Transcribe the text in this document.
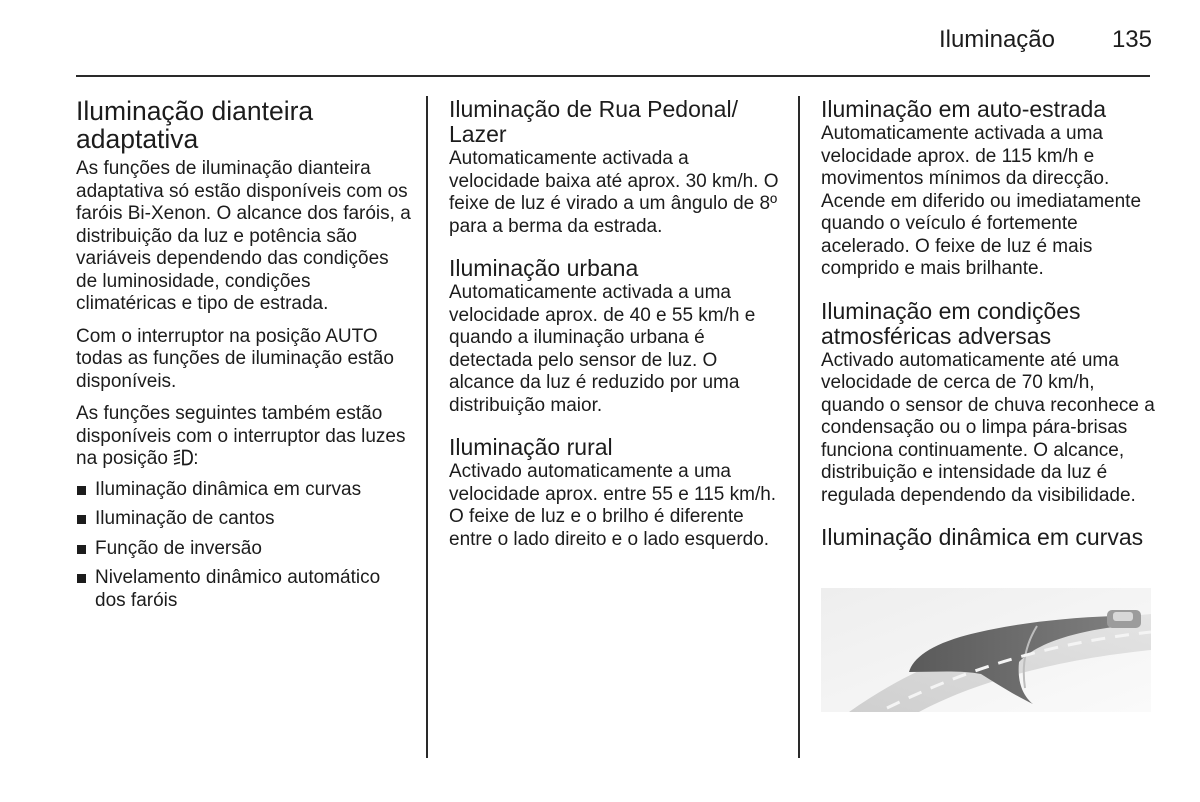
Iluminação	135
Iluminação dianteira adaptativa

As funções de iluminação dianteira adaptativa só estão disponíveis com os faróis Bi-Xenon. O alcance dos faróis, a distribuição da luz e potência são variáveis dependendo das condições de luminosidade, condições climatéricas e tipo de estrada.

Com o interruptor na posição AUTO todas as funções de iluminação estão disponíveis.

As funções seguintes também estão disponíveis com o interruptor das luzes na posição :

Iluminação dinâmica em curvas
Iluminação de cantos
Função de inversão
Nivelamento dinâmico automático dos faróis
Iluminação de Rua Pedonal/ Lazer
Automaticamente activada a velocidade baixa até aprox. 30 km/h. O feixe de luz é virado a um ângulo de 8º para a berma da estrada.
Iluminação urbana
Automaticamente activada a uma velocidade aprox. de 40 e 55 km/h e quando a iluminação urbana é detectada pelo sensor de luz. O alcance da luz é reduzido por uma distribuição maior.
Iluminação rural
Activado automaticamente a uma velocidade aprox. entre 55 e 115 km/h. O feixe de luz e o brilho é diferente entre o lado direito e o lado esquerdo.
Iluminação em auto-estrada
Automaticamente activada a uma velocidade aprox. de 115 km/h e movimentos mínimos da direcção. Acende em diferido ou imediatamente quando o veículo é fortemente acelerado. O feixe de luz é mais comprido e mais brilhante.
Iluminação em condições atmosféricas adversas
Activado automaticamente até uma velocidade de cerca de 70 km/h, quando o sensor de chuva reconhece a condensação ou o limpa pára-brisas funciona continuamente. O alcance, distribuição e intensidade da luz é regulada dependendo da visibilidade.
Iluminação dinâmica em curvas
